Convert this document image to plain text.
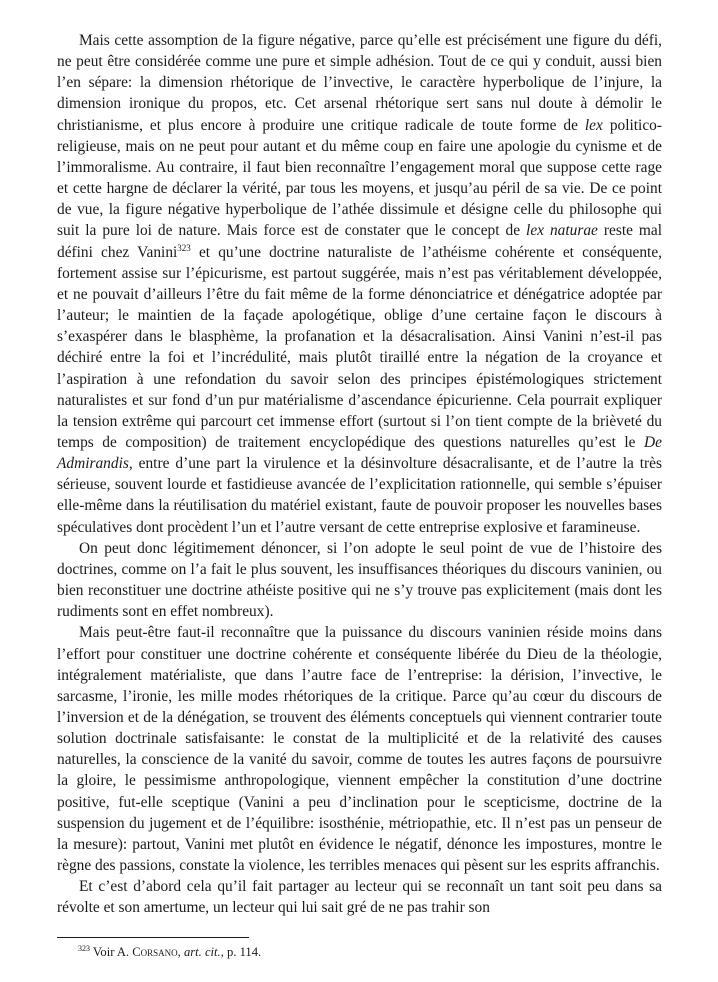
Mais cette assomption de la figure négative, parce qu’elle est précisément une figure du défi, ne peut être considérée comme une pure et simple adhésion. Tout de ce qui y conduit, aussi bien l’en sépare: la dimension rhétorique de l’invective, le caractère hyperbolique de l’injure, la dimension ironique du propos, etc. Cet arsenal rhétorique sert sans nul doute à démolir le christianisme, et plus encore à produire une critique radicale de toute forme de lex politico-religieuse, mais on ne peut pour autant et du même coup en faire une apologie du cynisme et de l’immoralisme. Au contraire, il faut bien reconnaître l’engagement moral que suppose cette rage et cette hargne de déclarer la vérité, par tous les moyens, et jusqu’au péril de sa vie. De ce point de vue, la figure négative hyperbolique de l’athée dissimule et désigne celle du philosophe qui suit la pure loi de nature. Mais force est de constater que le concept de lex naturae reste mal défini chez Vanini$^{323}$ et qu’une doctrine naturaliste de l’athéisme cohérente et conséquente, fortement assise sur l’épicurisme, est partout suggérée, mais n’est pas véritablement développée, et ne pouvait d’ailleurs l’être du fait même de la forme dénonciatrice et dénégatrice adoptée par l’auteur; le maintien de la façade apologétique, oblige d’une certaine façon le discours à s’exaspérer dans le blasphème, la profanation et la désacralisation. Ainsi Vanini n’est-il pas déchiré entre la foi et l’incrédulité, mais plutôt tiraillé entre la négation de la croyance et l’aspiration à une refondation du savoir selon des principes épistémologiques strictement naturalistes et sur fond d’un pur matérialisme d’ascendance épicurienne. Cela pourrait expliquer la tension extrême qui parcourt cet immense effort (surtout si l’on tient compte de la brièveté du temps de composition) de traitement encyclopédique des questions naturelles qu’est le De Admirandis, entre d’une part la virulence et la désinvolture désacralisante, et de l’autre la très sérieuse, souvent lourde et fastidieuse avancée de l’explicitation rationnelle, qui semble s’épuiser elle-même dans la réutilisation du matériel existant, faute de pouvoir proposer les nouvelles bases spéculatives dont procèdent l’un et l’autre versant de cette entreprise explosive et faramineuse.

On peut donc légitimement dénoncer, si l’on adopte le seul point de vue de l’histoire des doctrines, comme on l’a fait le plus souvent, les insuffisances théoriques du discours vaninien, ou bien reconstituer une doctrine athéiste positive qui ne s’y trouve pas explicitement (mais dont les rudiments sont en effet nombreux).

Mais peut-être faut-il reconnaître que la puissance du discours vaninien réside moins dans l’effort pour constituer une doctrine cohérente et conséquente libérée du Dieu de la théologie, intégralement matérialiste, que dans l’autre face de l’entreprise: la dérision, l’invective, le sarcasme, l’ironie, les mille modes rhétoriques de la critique. Parce qu’au cœur du discours de l’inversion et de la dénégation, se trouvent des éléments conceptuels qui viennent contrarier toute solution doctrinale satisfaisante: le constat de la multiplicité et de la relativité des causes naturelles, la conscience de la vanité du savoir, comme de toutes les autres façons de poursuivre la gloire, le pessimisme anthropologique, viennent empêcher la constitution d’une doctrine positive, fut-elle sceptique (Vanini a peu d’inclination pour le scepticisme, doctrine de la suspension du jugement et de l’équilibre: isosthénie, métriopathie, etc. Il n’est pas un penseur de la mesure): partout, Vanini met plutôt en évidence le négatif, dénonce les impostures, montre le règne des passions, constate la violence, les terribles menaces qui pèsent sur les esprits affranchis.

Et c’est d’abord cela qu’il fait partager au lecteur qui se reconnaît un tant soit peu dans sa révolte et son amertume, un lecteur qui lui sait gré de ne pas trahir son

$^{323}$ Voir A. Corsano, art. cit., p. 114.
